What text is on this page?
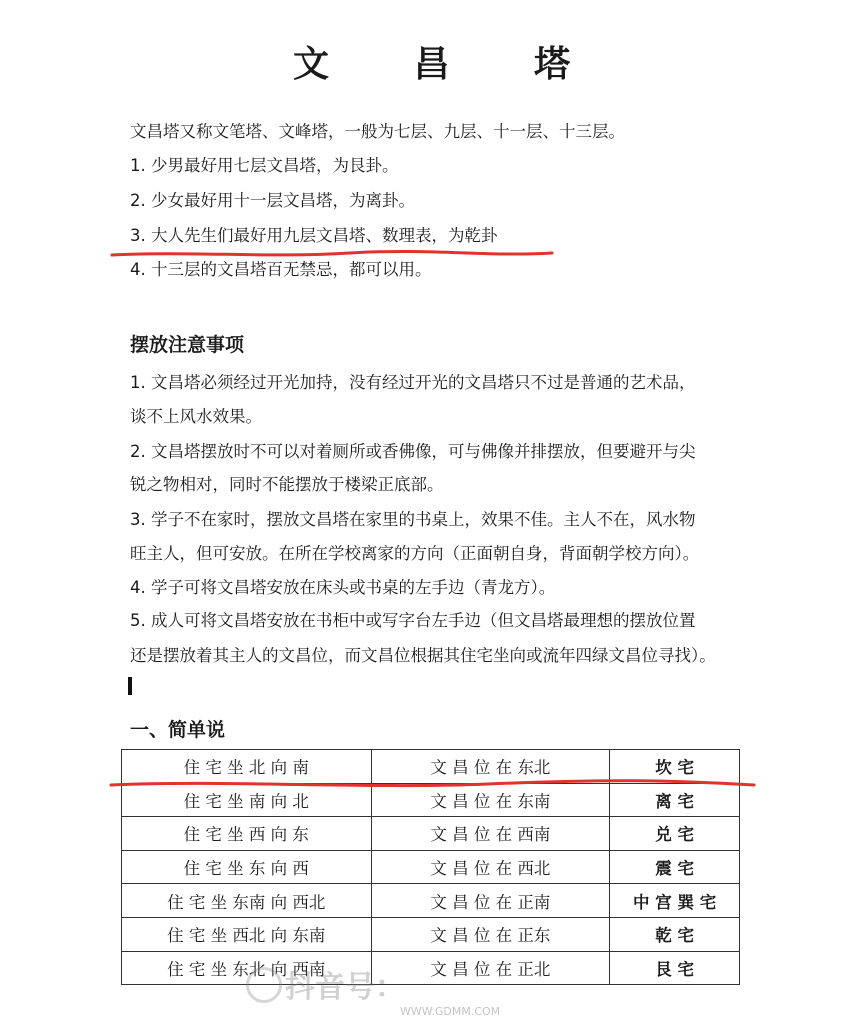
文 昌 塔
文昌塔又称文笔塔、文峰塔，一般为七层、九层、十一层、十三层。
1. 少男最好用七层文昌塔，为艮卦。
2. 少女最好用十一层文昌塔，为离卦。
3. 大人先生们最好用九层文昌塔、数理表，为乾卦
4. 十三层的文昌塔百无禁忌，都可以用。
摆放注意事项
1. 文昌塔必须经过开光加持，没有经过开光的文昌塔只不过是普通的艺术品，
谈不上风水效果。
2. 文昌塔摆放时不可以对着厕所或香佛像，可与佛像并排摆放，但要避开与尖
锐之物相对，同时不能摆放于楼梁正底部。
3. 学子不在家时，摆放文昌塔在家里的书桌上，效果不佳。主人不在，风水物
旺主人，但可安放。在所在学校离家的方向（正面朝自身，背面朝学校方向）。
4. 学子可将文昌塔安放在床头或书桌的左手边（青龙方）。
5. 成人可将文昌塔安放在书柜中或写字台左手边（但文昌塔最理想的摆放位置
还是摆放着其主人的文昌位，而文昌位根据其住宅坐向或流年四绿文昌位寻找）。
一、简单说
住 宅 坐 北 向 南	文 昌 位 在 东北	坎 宅
住 宅 坐 南 向 北	文 昌 位 在 东南	离 宅
住 宅 坐 西 向 东	文 昌 位 在 西南	兑 宅
住 宅 坐 东 向 西	文 昌 位 在 西北	震 宅
住 宅 坐 东南 向 西北	文 昌 位 在 正南	中 宫 巽 宅
住 宅 坐 西北 向 东南	文 昌 位 在 正东	乾 宅
住 宅 坐 东北 向 西南	文 昌 位 在 正北	艮 宅
抖音号：
WWW.GDMM.COM
